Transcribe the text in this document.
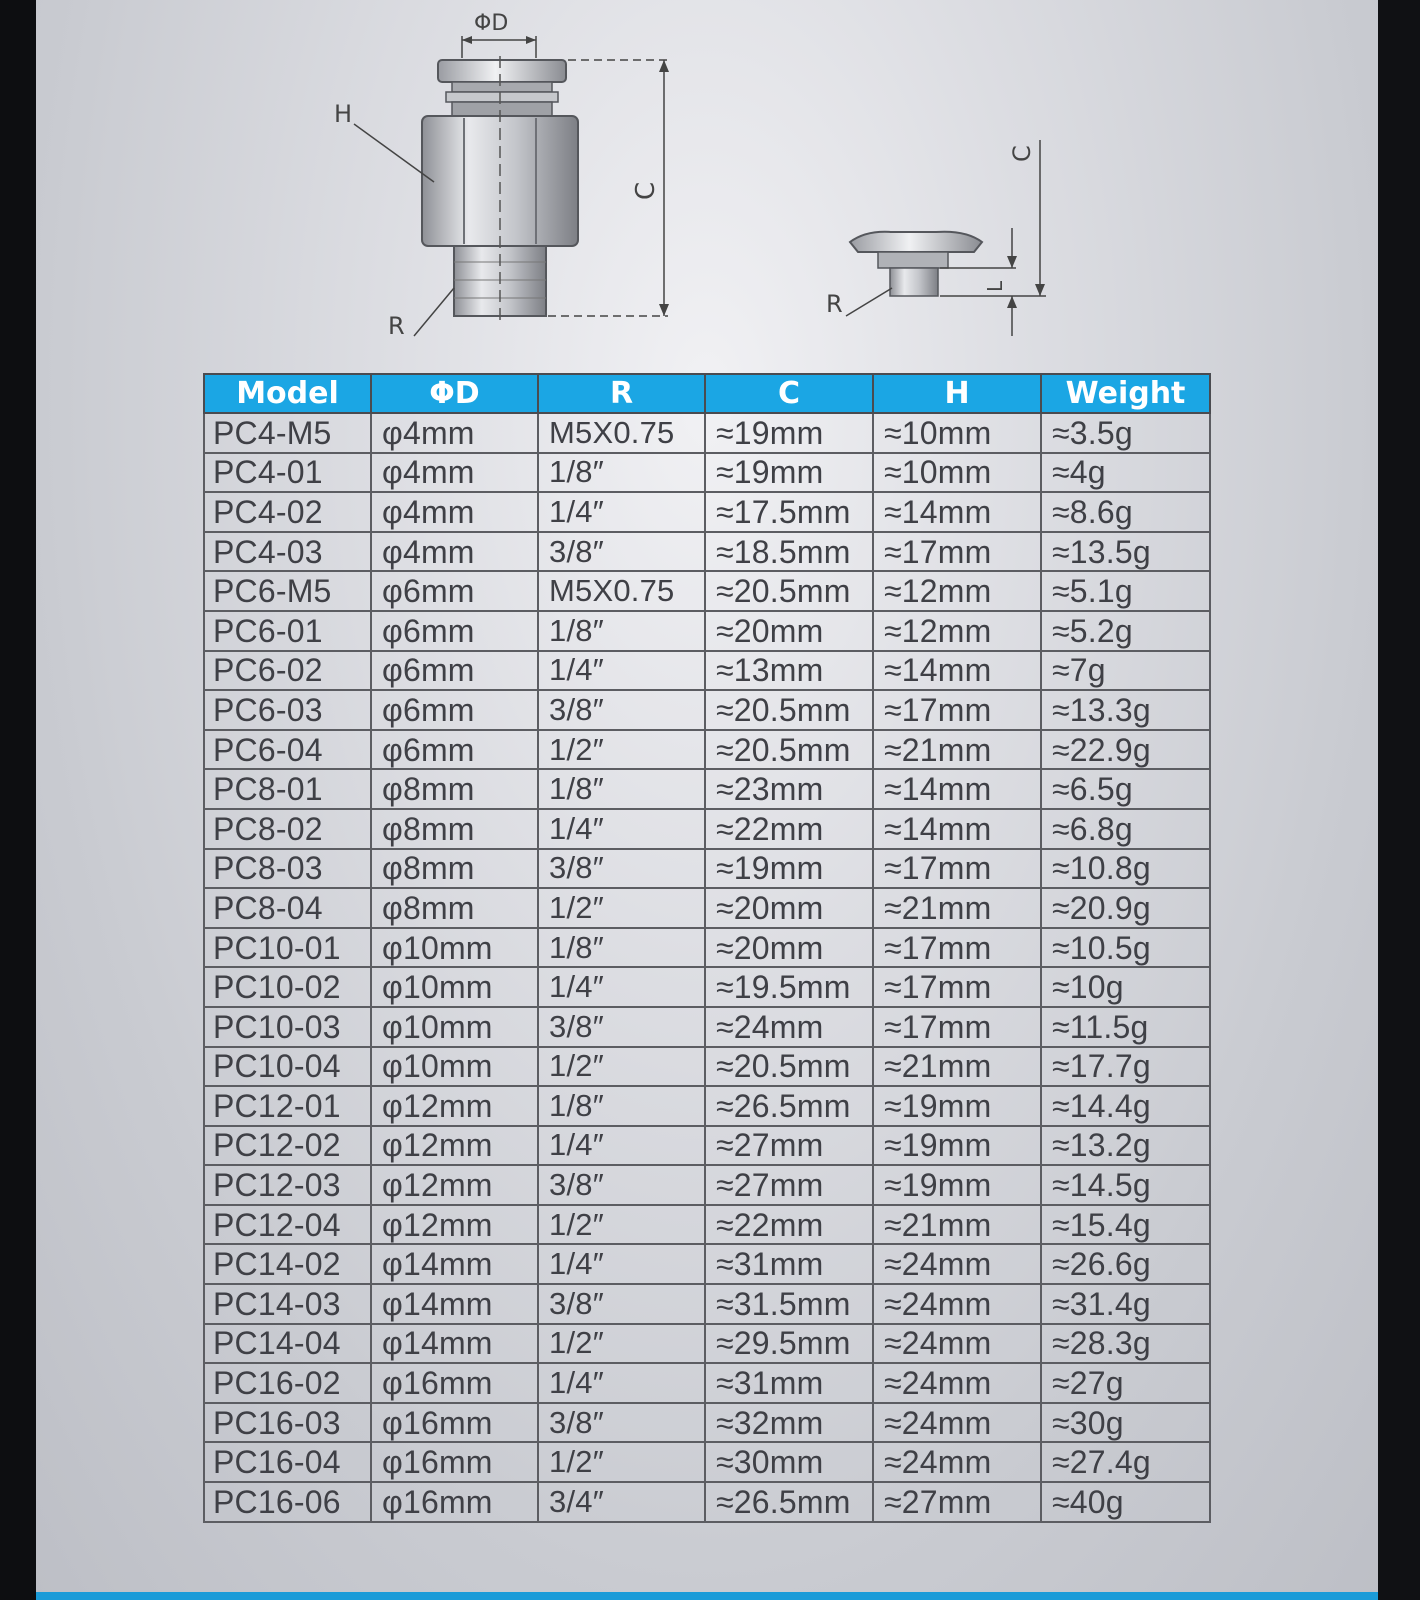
ΦD
H
R
C
R
L
C
Model	ΦD	R	C	H	Weight
PC4-M5	φ4mm	M5X0.75	≈19mm	≈10mm	≈3.5g
PC4-01	φ4mm	1/8″	≈19mm	≈10mm	≈4g
PC4-02	φ4mm	1/4″	≈17.5mm	≈14mm	≈8.6g
PC4-03	φ4mm	3/8″	≈18.5mm	≈17mm	≈13.5g
PC6-M5	φ6mm	M5X0.75	≈20.5mm	≈12mm	≈5.1g
PC6-01	φ6mm	1/8″	≈20mm	≈12mm	≈5.2g
PC6-02	φ6mm	1/4″	≈13mm	≈14mm	≈7g
PC6-03	φ6mm	3/8″	≈20.5mm	≈17mm	≈13.3g
PC6-04	φ6mm	1/2″	≈20.5mm	≈21mm	≈22.9g
PC8-01	φ8mm	1/8″	≈23mm	≈14mm	≈6.5g
PC8-02	φ8mm	1/4″	≈22mm	≈14mm	≈6.8g
PC8-03	φ8mm	3/8″	≈19mm	≈17mm	≈10.8g
PC8-04	φ8mm	1/2″	≈20mm	≈21mm	≈20.9g
PC10-01	φ10mm	1/8″	≈20mm	≈17mm	≈10.5g
PC10-02	φ10mm	1/4″	≈19.5mm	≈17mm	≈10g
PC10-03	φ10mm	3/8″	≈24mm	≈17mm	≈11.5g
PC10-04	φ10mm	1/2″	≈20.5mm	≈21mm	≈17.7g
PC12-01	φ12mm	1/8″	≈26.5mm	≈19mm	≈14.4g
PC12-02	φ12mm	1/4″	≈27mm	≈19mm	≈13.2g
PC12-03	φ12mm	3/8″	≈27mm	≈19mm	≈14.5g
PC12-04	φ12mm	1/2″	≈22mm	≈21mm	≈15.4g
PC14-02	φ14mm	1/4″	≈31mm	≈24mm	≈26.6g
PC14-03	φ14mm	3/8″	≈31.5mm	≈24mm	≈31.4g
PC14-04	φ14mm	1/2″	≈29.5mm	≈24mm	≈28.3g
PC16-02	φ16mm	1/4″	≈31mm	≈24mm	≈27g
PC16-03	φ16mm	3/8″	≈32mm	≈24mm	≈30g
PC16-04	φ16mm	1/2″	≈30mm	≈24mm	≈27.4g
PC16-06	φ16mm	3/4″	≈26.5mm	≈27mm	≈40g
